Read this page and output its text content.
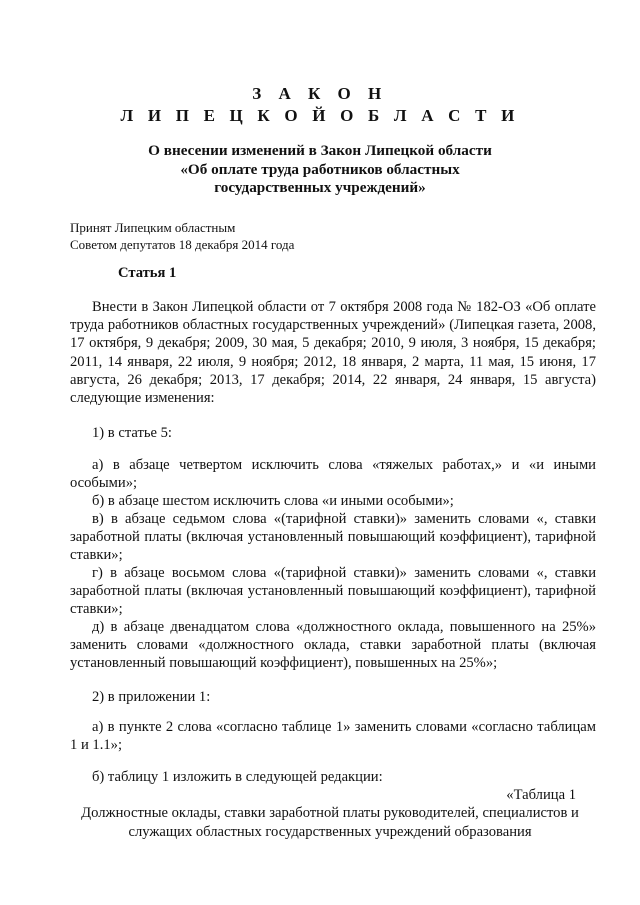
З А К О Н
Л И П Е Ц К О Й О Б Л А С Т И
О внесении изменений в Закон Липецкой области
«Об оплате труда работников областных
государственных учреждений»
Принят Липецким областным
Советом депутатов 18 декабря 2014 года
Статья 1
Внести в Закон Липецкой области от 7 октября 2008 года № 182-ОЗ «Об оплате труда работников областных государственных учреждений» (Липецкая газета, 2008, 17 октября, 9 декабря; 2009, 30 мая, 5 декабря; 2010, 9 июля, 3 ноября, 15 декабря; 2011, 14 января, 22 июля, 9 ноября; 2012, 18 января, 2 марта, 11 мая, 15 июня, 17 августа, 26 декабря; 2013, 17 декабря; 2014, 22 января, 24 января, 15 августа) следующие изменения:
1) в статье 5:
а) в абзаце четвертом исключить слова «тяжелых работах,» и «и иными особыми»;
б) в абзаце шестом исключить слова «и иными особыми»;
в) в абзаце седьмом слова «(тарифной ставки)» заменить словами «, ставки заработной платы (включая установленный повышающий коэффициент), тарифной ставки»;
г) в абзаце восьмом слова «(тарифной ставки)» заменить словами «, ставки заработной платы (включая установленный повышающий коэффициент), тарифной ставки»;
д) в абзаце двенадцатом слова «должностного оклада, повышенного на 25%» заменить словами «должностного оклада, ставки заработной платы (включая установленный повышающий коэффициент), повышенных на 25%»;
2) в приложении 1:
а) в пункте 2 слова «согласно таблице 1» заменить словами «согласно таблицам 1 и 1.1»;
б) таблицу 1 изложить в следующей редакции:
«Таблица 1
Должностные оклады, ставки заработной платы руководителей, специалистов и
служащих областных государственных учреждений образования
